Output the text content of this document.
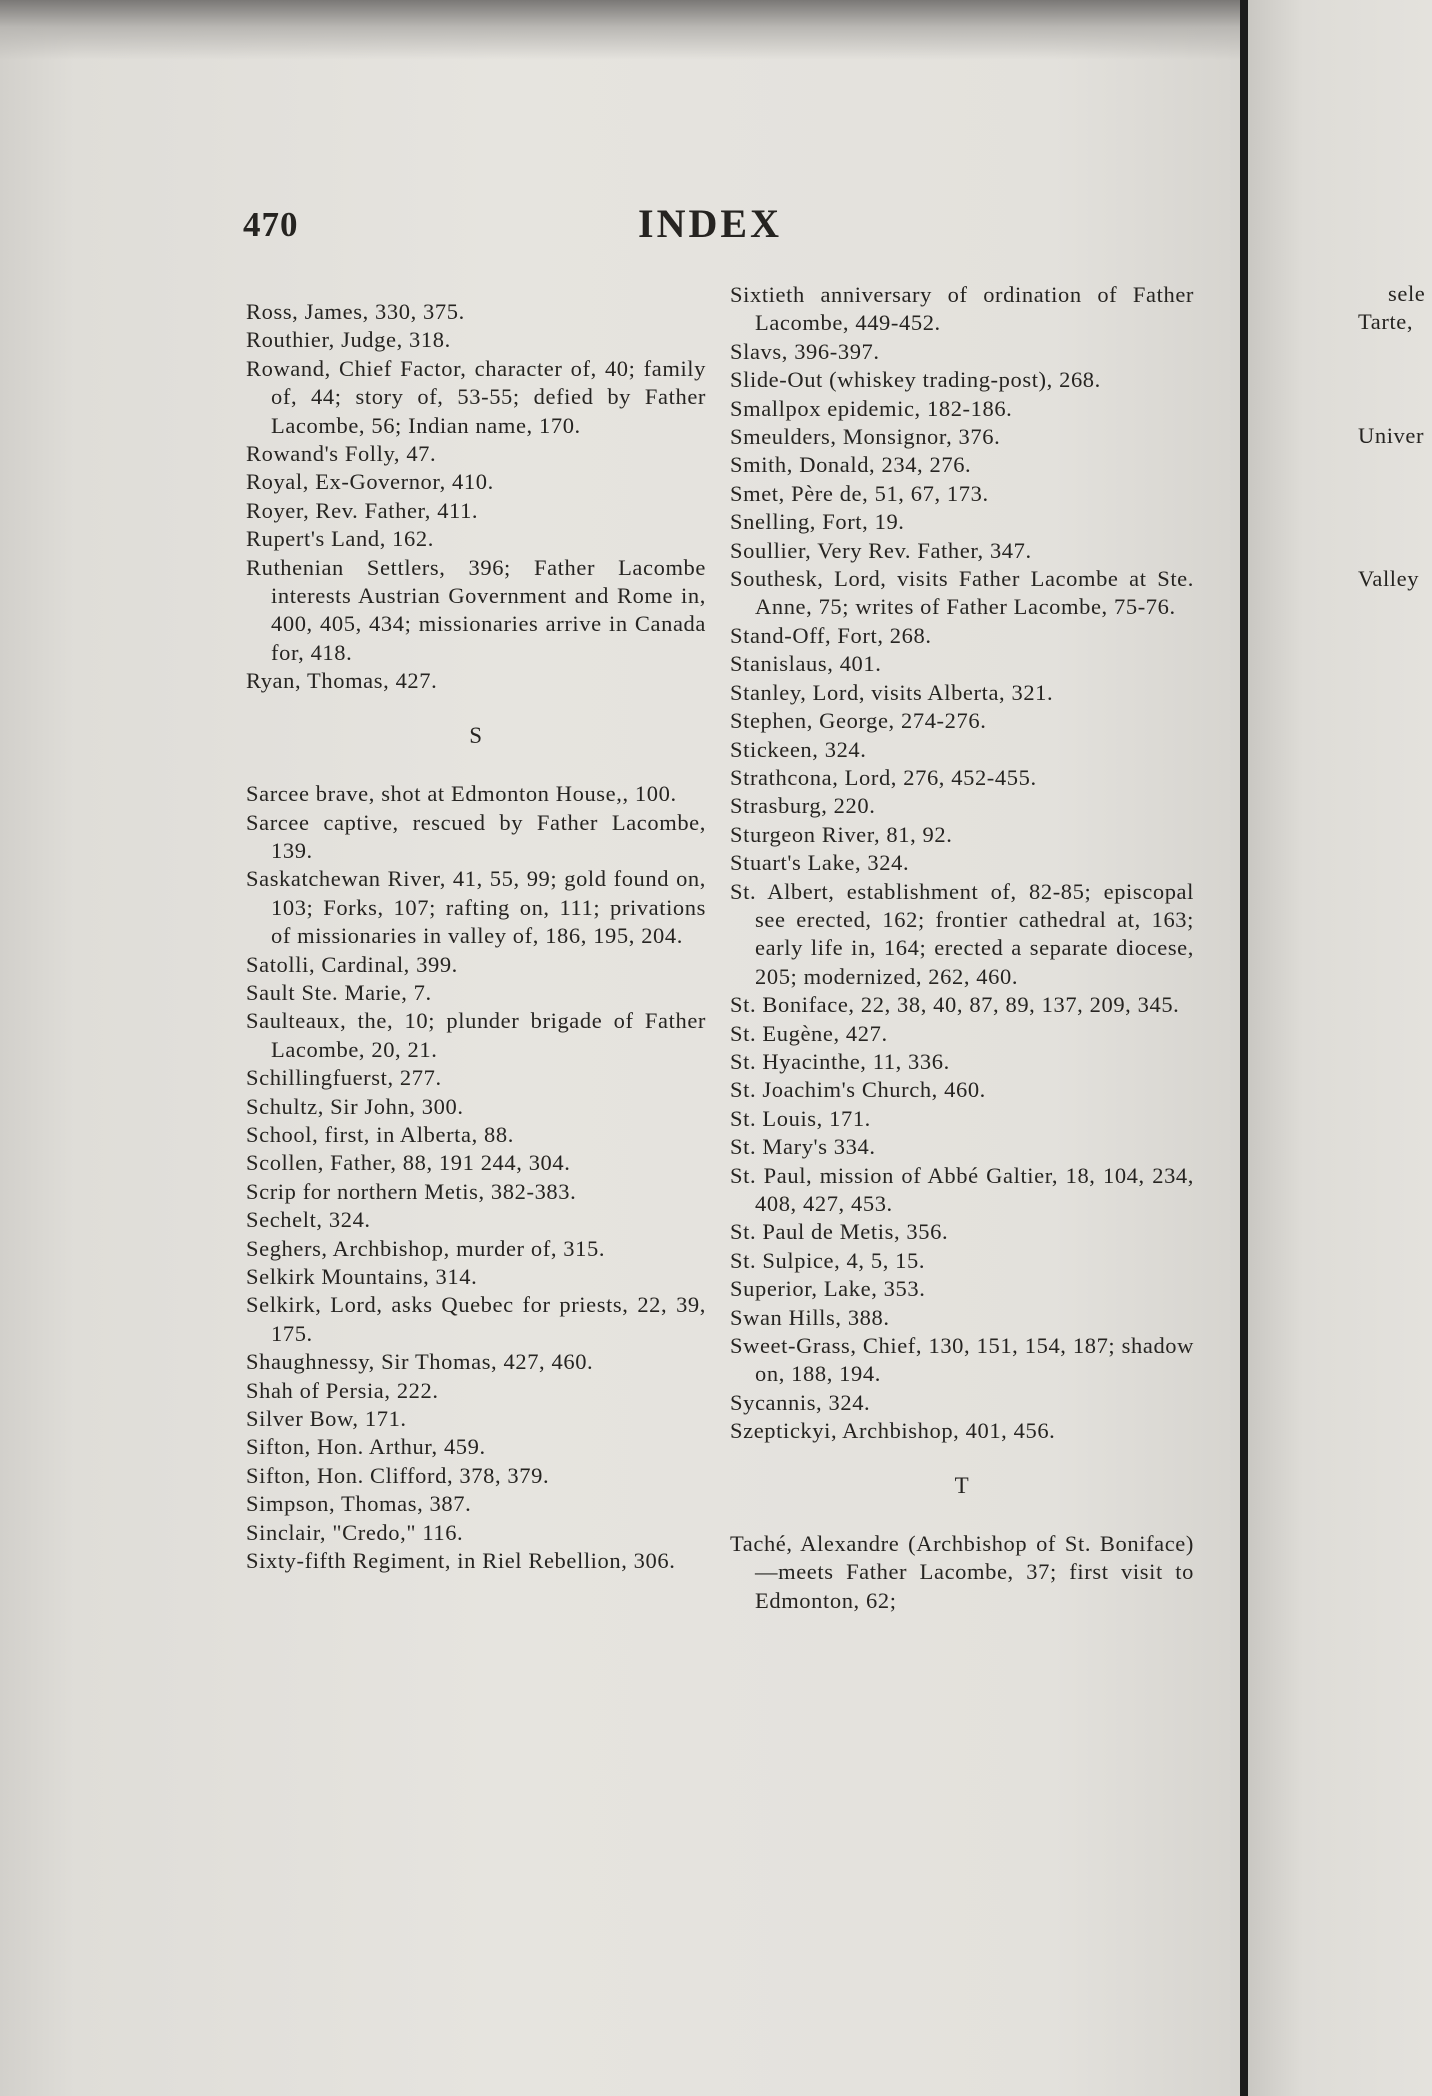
470	INDEX
Ross, James, 330, 375.
Routhier, Judge, 318.
Rowand, Chief Factor, character of, 40; family of, 44; story of, 53-55; defied by Father Lacombe, 56; Indian name, 170.
Rowand's Folly, 47.
Royal, Ex-Governor, 410.
Royer, Rev. Father, 411.
Rupert's Land, 162.
Ruthenian Settlers, 396; Father Lacombe interests Austrian Government and Rome in, 400, 405, 434; missionaries arrive in Canada for, 418.
Ryan, Thomas, 427.
S
Sarcee brave, shot at Edmonton House,, 100.
Sarcee captive, rescued by Father Lacombe, 139.
Saskatchewan River, 41, 55, 99; gold found on, 103; Forks, 107; rafting on, 111; privations of missionaries in valley of, 186, 195, 204.
Satolli, Cardinal, 399.
Sault Ste. Marie, 7.
Saulteaux, the, 10; plunder brigade of Father Lacombe, 20, 21.
Schillingfuerst, 277.
Schultz, Sir John, 300.
School, first, in Alberta, 88.
Scollen, Father, 88, 191 244, 304.
Scrip for northern Metis, 382-383.
Sechelt, 324.
Seghers, Archbishop, murder of, 315.
Selkirk Mountains, 314.
Selkirk, Lord, asks Quebec for priests, 22, 39, 175.
Shaughnessy, Sir Thomas, 427, 460.
Shah of Persia, 222.
Silver Bow, 171.
Sifton, Hon. Arthur, 459.
Sifton, Hon. Clifford, 378, 379.
Simpson, Thomas, 387.
Sinclair, "Credo," 116.
Sixty-fifth Regiment, in Riel Rebellion, 306.
Sixtieth anniversary of ordination of Father Lacombe, 449-452.
Slavs, 396-397.
Slide-Out (whiskey trading-post), 268.
Smallpox epidemic, 182-186.
Smeulders, Monsignor, 376.
Smith, Donald, 234, 276.
Smet, Père de, 51, 67, 173.
Snelling, Fort, 19.
Soullier, Very Rev. Father, 347.
Southesk, Lord, visits Father Lacombe at Ste. Anne, 75; writes of Father Lacombe, 75-76.
Stand-Off, Fort, 268.
Stanislaus, 401.
Stanley, Lord, visits Alberta, 321.
Stephen, George, 274-276.
Stickeen, 324.
Strathcona, Lord, 276, 452-455.
Strasburg, 220.
Sturgeon River, 81, 92.
Stuart's Lake, 324.
St. Albert, establishment of, 82-85; episcopal see erected, 162; frontier cathedral at, 163; early life in, 164; erected a separate diocese, 205; modernized, 262, 460.
St. Boniface, 22, 38, 40, 87, 89, 137, 209, 345.
St. Eugène, 427.
St. Hyacinthe, 11, 336.
St. Joachim's Church, 460.
St. Louis, 171.
St. Mary's 334.
St. Paul, mission of Abbé Galtier, 18, 104, 234, 408, 427, 453.
St. Paul de Metis, 356.
St. Sulpice, 4, 5, 15.
Superior, Lake, 353.
Swan Hills, 388.
Sweet-Grass, Chief, 130, 151, 154, 187; shadow on, 188, 194.
Sycannis, 324.
Szeptickyi, Archbishop, 401, 456.
T
Taché, Alexandre (Archbishop of St. Boniface)—meets Father Lacombe, 37; first visit to Edmonton, 62;
sele
Tarte,
Univer
Valley
